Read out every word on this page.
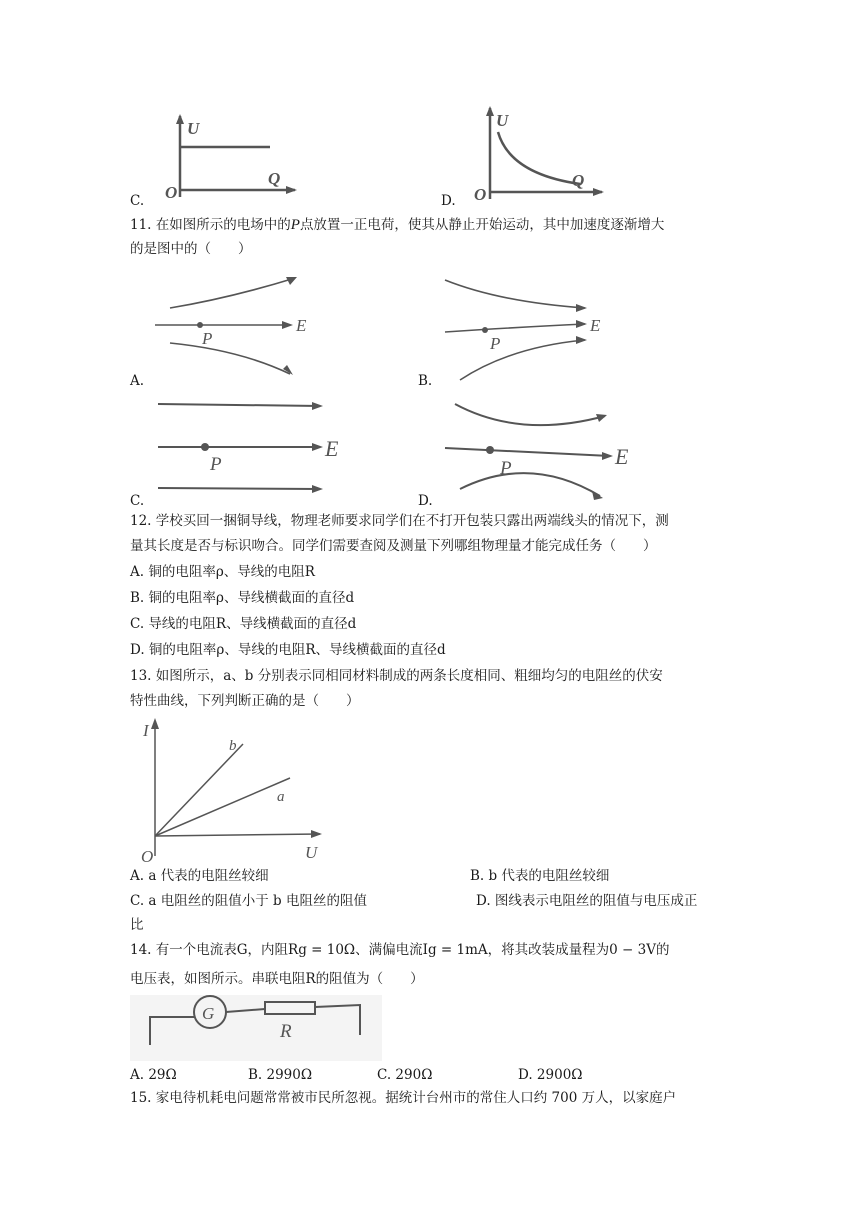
U
Q
O
C.
U
Q
O
D.
11. 在如图所示的电场中的P点放置一正电荷，使其从静止开始运动，其中加速度逐渐增大
的是图中的（　　）
P
E
A.
P
E
B.
P
E
C.
P	E
D.
12. 学校买回一捆铜导线，物理老师要求同学们在不打开包装只露出两端线头的情况下，测
量其长度是否与标识吻合。同学们需要查阅及测量下列哪组物理量才能完成任务（　　）
A. 铜的电阻率ρ、导线的电阻R
B. 铜的电阻率ρ、导线横截面的直径d
C. 导线的电阻R、导线横截面的直径d
D. 铜的电阻率ρ、导线的电阻R、导线横截面的直径d
13. 如图所示，a、b 分别表示同相同材料制成的两条长度相同、粗细均匀的电阻丝的伏安
特性曲线，下列判断正确的是（　　）
I
U
O
b
a
A. a 代表的电阻丝较细	B. b 代表的电阻丝较细
C. a 电阻丝的阻值小于 b 电阻丝的阻值	D. 图线表示电阻丝的阻值与电压成正
比
14. 有一个电流表G，内阻Rg = 10Ω、满偏电流Ig = 1mA，将其改装成量程为0 − 3V的
电压表，如图所示。串联电阻R的阻值为（　　）
G
R
A. 29Ω	B. 2990Ω	C. 290Ω	D. 2900Ω
15. 家电待机耗电问题常常被市民所忽视。据统计台州市的常住人口约 700 万人，以家庭户
